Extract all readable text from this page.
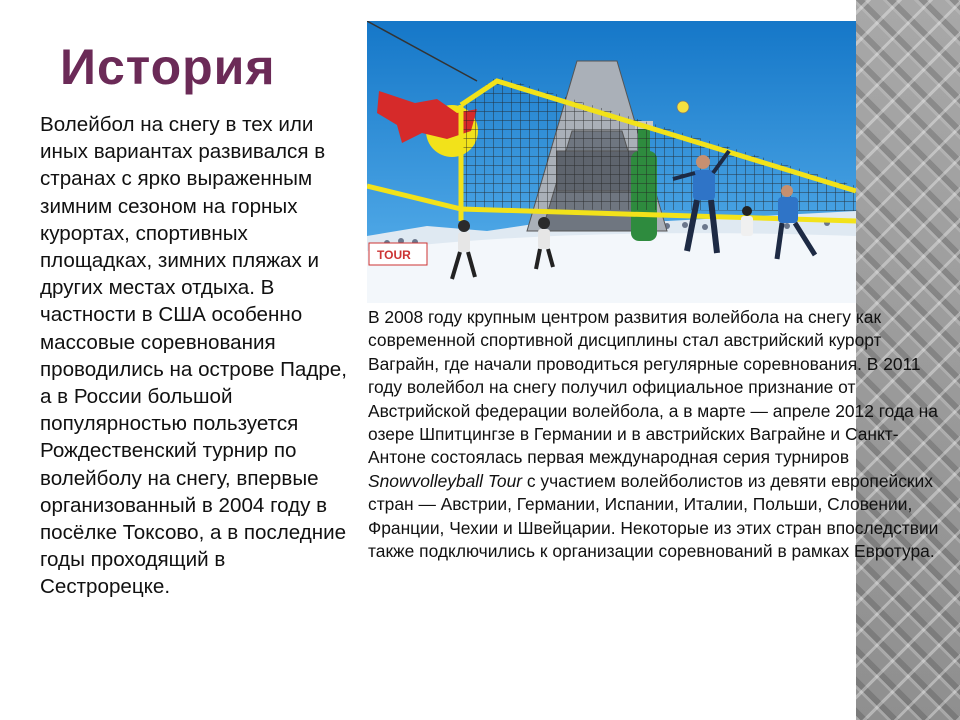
История

Волейбол на снегу в тех или иных вариантах развивался в странах с ярко выраженным зимним сезоном на горных курортах, спортивных площадках, зимних пляжах и других местах отдыха. В частности в США особенно массовые соревнования проводились на острове Падре, а в России большой популярностью пользуется Рождественский турнир по волейболу на снегу, впервые организованный в 2004 году в посёлке Токсово, а в последние годы проходящий в Сестрорецке.

TOUR

В 2008 году крупным центром развития волейбола на снегу как современной спортивной дисциплины стал австрийский курорт Ваграйн, где начали проводиться регулярные соревнования. В 2011 году волейбол на снегу получил официальное признание от Австрийской федерации волейбола, а в марте — апреле 2012 года на озере Шпитцингзе в Германии и в австрийских Ваграйне и Санкт-Антоне состоялась первая международная серия турниров Snowvolleyball Tour с участием волейболистов из девяти европейских стран — Австрии, Германии, Испании, Италии, Польши, Словении, Франции, Чехии и Швейцарии. Некоторые из этих стран впоследствии также подключились к организации соревнований в рамках Евротура.
